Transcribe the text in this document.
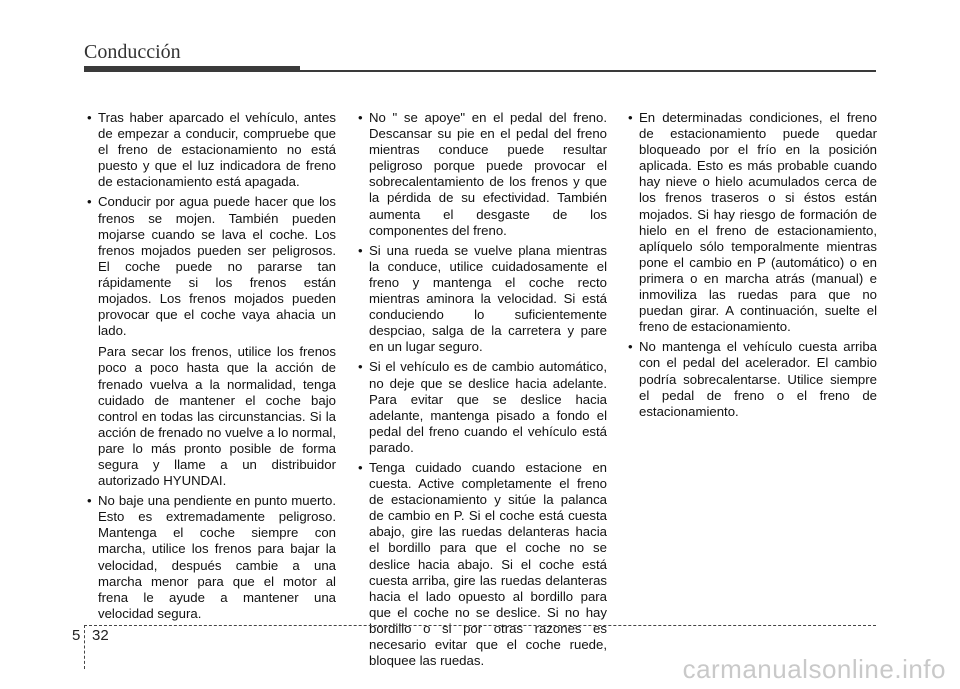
Conducción
• Tras haber aparcado el vehículo, antes de empezar a conducir, compruebe que el freno de estacionamiento no está puesto y que el luz indicadora de freno de estacionamiento está apagada.

• Conducir por agua puede hacer que los frenos se mojen. También pueden mojarse cuando se lava el coche. Los frenos mojados pueden ser peligrosos. El coche puede no pararse tan rápidamente si los frenos están mojados. Los frenos mojados pueden provocar que el coche vaya ahacia un lado.

Para secar los frenos, utilice los frenos poco a poco hasta que la acción de frenado vuelva a la normalidad, tenga cuidado de mantener el coche bajo control en todas las circunstancias. Si la acción de frenado no vuelve a lo normal, pare lo más pronto posible de forma segura y llame a un distribuidor autorizado HYUNDAI.

• No baje una pendiente en punto muerto. Esto es extremadamente peligroso. Mantenga el coche siempre con marcha, utilice los frenos para bajar la velocidad, después cambie a una marcha menor para que el motor al frena le ayude a mantener una velocidad segura.

• No " se apoye" en el pedal del freno. Descansar su pie en el pedal del freno mientras conduce puede resultar peligroso porque puede provocar el sobrecalentamiento de los frenos y que la pérdida de su efectividad. También aumenta el desgaste de los componentes del freno.

• Si una rueda se vuelve plana mientras la conduce, utilice cuidadosamente el freno y mantenga el coche recto mientras aminora la velocidad. Si está conduciendo lo suficientemente despciao, salga de la carretera y pare en un lugar seguro.

• Si el vehículo es de cambio automático, no deje que se deslice hacia adelante. Para evitar que se deslice hacia adelante, mantenga pisado a fondo el pedal del freno cuando el vehículo está parado.

• Tenga cuidado cuando estacione en cuesta. Active completamente el freno de estacionamiento y sitúe la palanca de cambio en P. Si el coche está cuesta abajo, gire las ruedas delanteras hacia el bordillo para que el coche no se deslice hacia abajo. Si el coche está cuesta arriba, gire las ruedas delanteras hacia el lado opuesto al bordillo para que el coche no se deslice. Si no hay bordillo o si por otras razones es necesario evitar que el coche ruede, bloquee las ruedas.

• En determinadas condiciones, el freno de estacionamiento puede quedar bloqueado por el frío en la posición aplicada. Esto es más probable cuando hay nieve o hielo acumulados cerca de los frenos traseros o si éstos están mojados. Si hay riesgo de formación de hielo en el freno de estacionamiento, aplíquelo sólo temporalmente mientras pone el cambio en P (automático) o en primera o en marcha atrás (manual) e inmoviliza las ruedas para que no puedan girar. A continuación, suelte el freno de estacionamiento.

• No mantenga el vehículo cuesta arriba con el pedal del acelerador. El cambio podría sobrecalentarse. Utilice siempre el pedal de freno o el freno de estacionamiento.

5 32
carmanualsonline.info
